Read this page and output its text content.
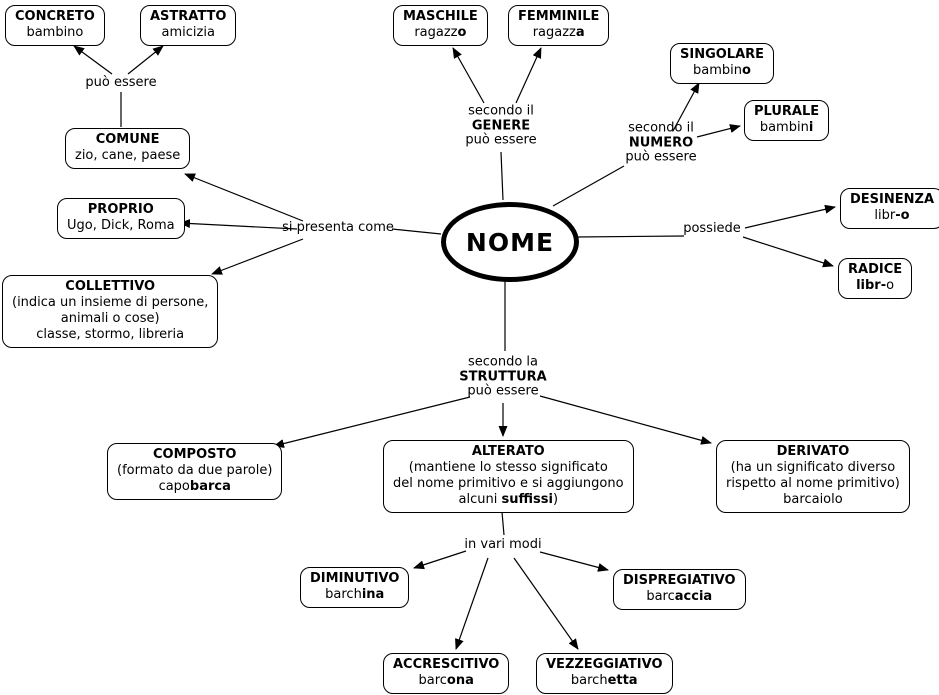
NOME
CONCRETO
bambino
ASTRATTO
amicizia
MASCHILE
ragazzo
FEMMINILE
ragazza
SINGOLARE
bambino
PLURALE
bambini
COMUNE
zio, cane, paese
PROPRIO
Ugo, Dick, Roma
COLLETTIVO
(indica un insieme di persone,
animali o cose)
classe, stormo, libreria
DESINENZA
libr-o
RADICE
libr-o
COMPOSTO
(formato da due parole)
capobarca
ALTERATO
(mantiene lo stesso significato
del nome primitivo e si aggiungono
alcuni suffissi)
DERIVATO
(ha un significato diverso
rispetto al nome primitivo)
barcaiolo
DIMINUTIVO
barchina
DISPREGIATIVO
barcaccia
ACCRESCITIVO
barcona
VEZZEGGIATIVO
barchetta
può essere
si presenta come
secondo il
GENERE
può essere
secondo il
NUMERO
può essere
possiede
secondo la
STRUTTURA
può essere
in vari modi
